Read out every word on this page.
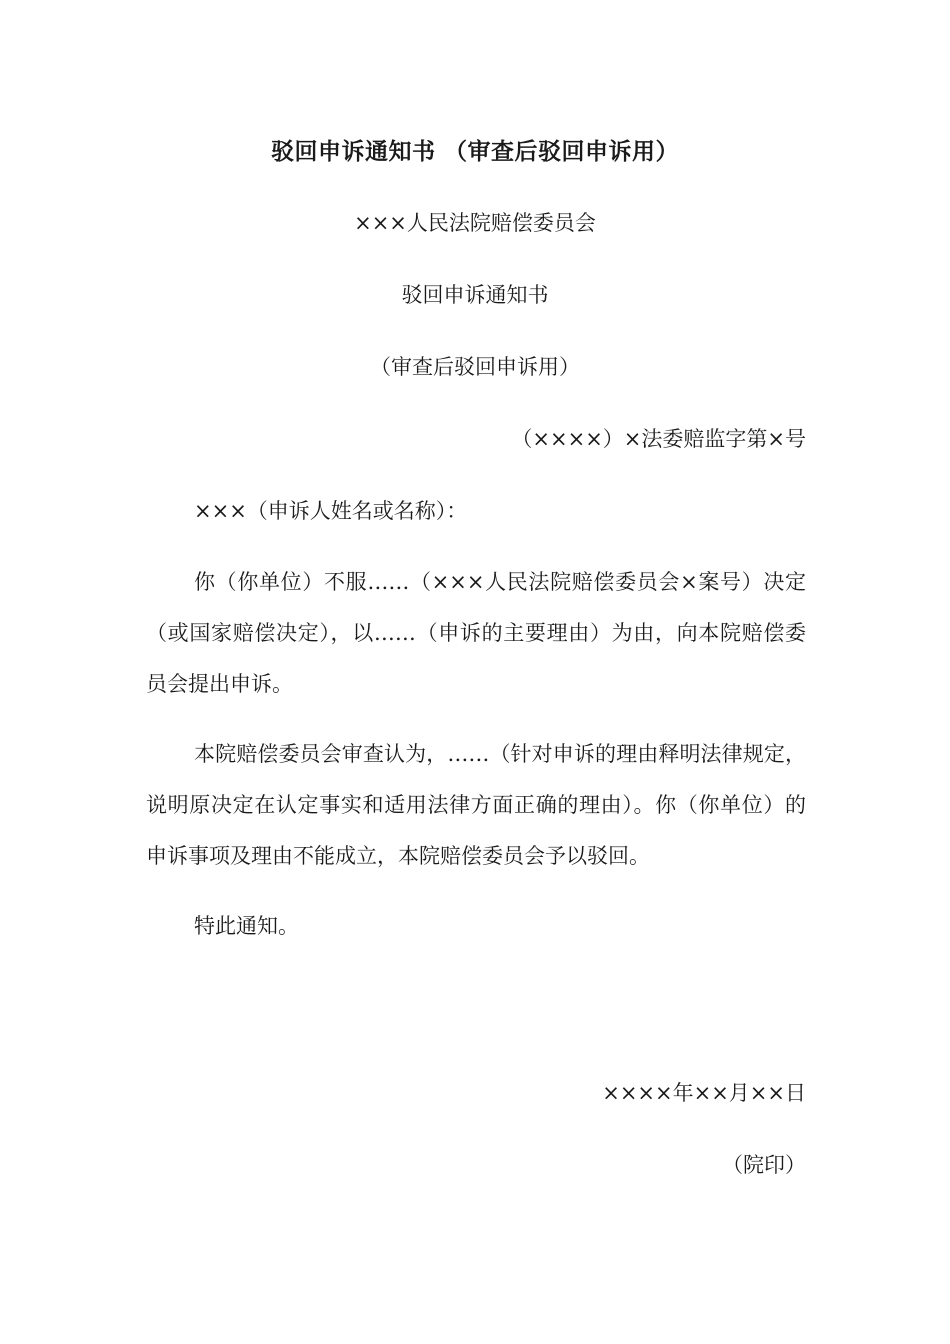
驳回申诉通知书 （审查后驳回申诉用）
×××人民法院赔偿委员会
驳回申诉通知书
（审查后驳回申诉用）
（××××）×法委赔监字第×号
×××（申诉人姓名或名称）：
你（你单位）不服……（×××人民法院赔偿委员会×案号）决定（或国家赔偿决定），以……（申诉的主要理由）为由，向本院赔偿委员会提出申诉。
本院赔偿委员会审查认为，……（针对申诉的理由释明法律规定，说明原决定在认定事实和适用法律方面正确的理由）。你（你单位）的申诉事项及理由不能成立，本院赔偿委员会予以驳回。
特此通知。
××××年××月××日
（院印）
